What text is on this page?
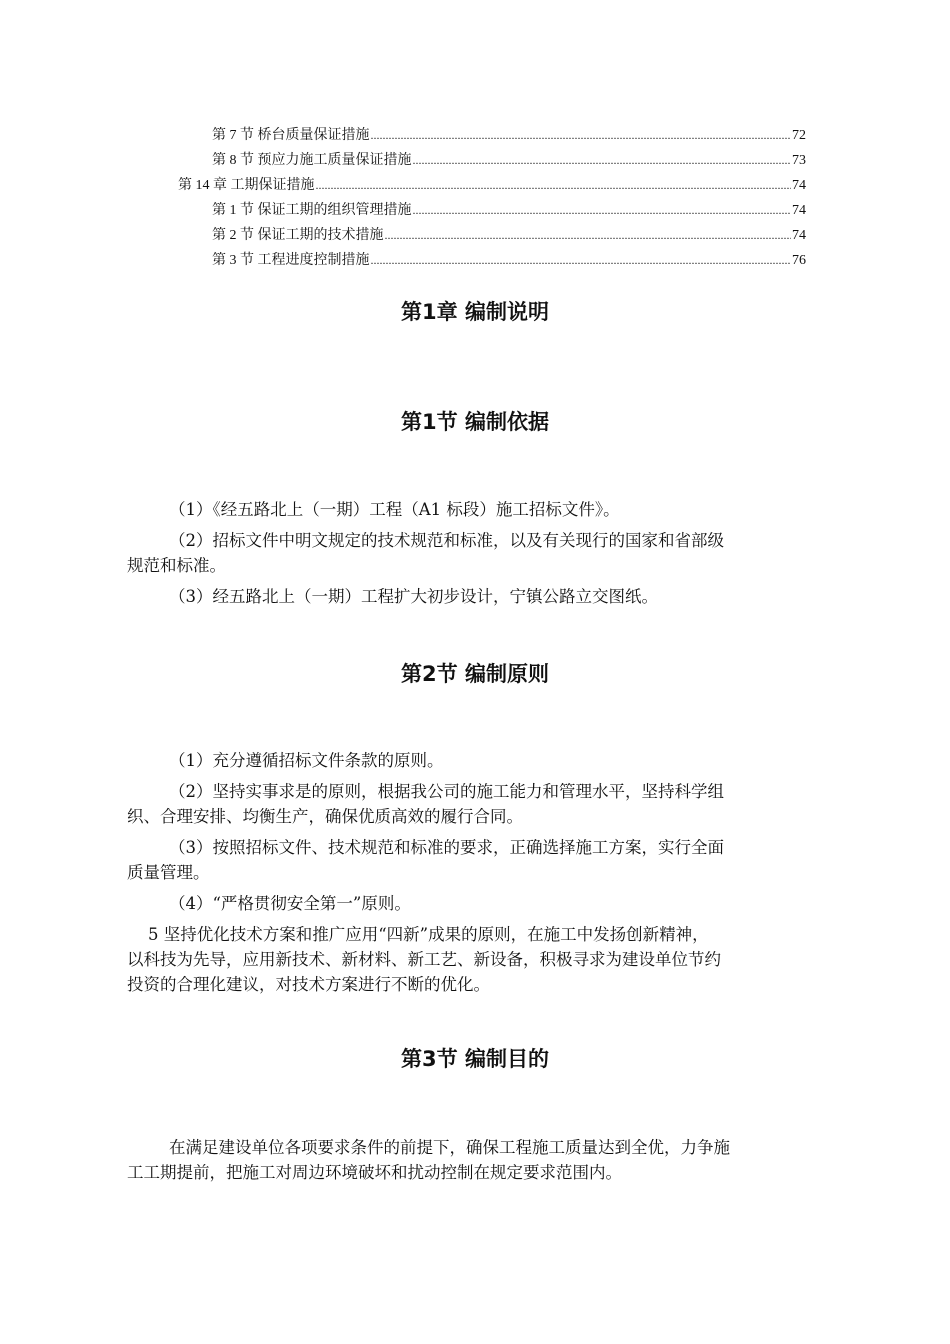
第 7 节 桥台质量保证措施 .....	72
第 8 节 预应力施工质量保证措施 .....	73
第 14 章 工期保证措施 .....	74
第 1 节 保证工期的组织管理措施 .....	74
第 2 节 保证工期的技术措施 .....	74
第 3 节 工程进度控制措施 .....	76
第1章 编制说明
第1节 编制依据
（1）《经五路北上（一期）工程（A1 标段）施工招标文件》。
（2）招标文件中明文规定的技术规范和标准，以及有关现行的国家和省部级
规范和标准。
（3）经五路北上（一期）工程扩大初步设计，宁镇公路立交图纸。
第2节 编制原则
（1）充分遵循招标文件条款的原则。
（2）坚持实事求是的原则，根据我公司的施工能力和管理水平，坚持科学组
织、合理安排、均衡生产，确保优质高效的履行合同。
（3）按照招标文件、技术规范和标准的要求，正确选择施工方案，实行全面
质量管理。
（4）“严格贯彻安全第一”原则。
5 坚持优化技术方案和推广应用“四新”成果的原则，在施工中发扬创新精神，
以科技为先导，应用新技术、新材料、新工艺、新设备，积极寻求为建设单位节约
投资的合理化建议，对技术方案进行不断的优化。
第3节 编制目的
在满足建设单位各项要求条件的前提下，确保工程施工质量达到全优，力争施
工工期提前，把施工对周边环境破坏和扰动控制在规定要求范围内。
